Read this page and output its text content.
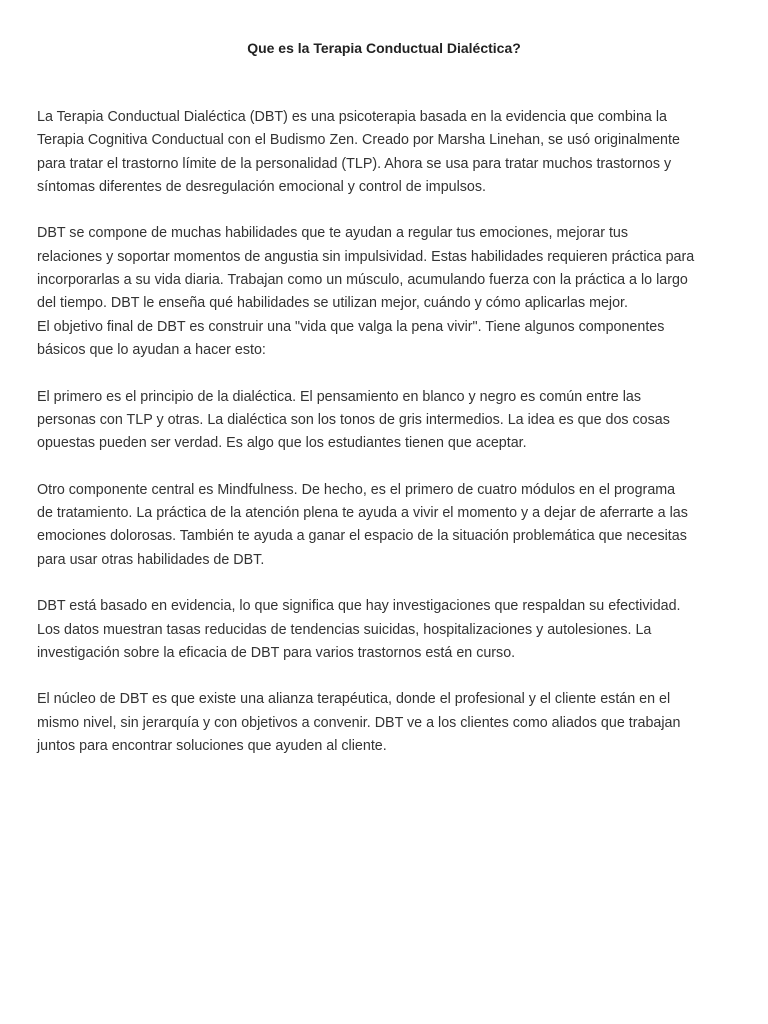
Que es la Terapia Conductual Dialéctica?

La Terapia Conductual Dialéctica (DBT) es una psicoterapia basada en la evidencia que combina la
Terapia Cognitiva Conductual con el Budismo Zen. Creado por Marsha Linehan, se usó originalmente
para tratar el trastorno límite de la personalidad (TLP). Ahora se usa para tratar muchos trastornos y
síntomas diferentes de desregulación emocional y control de impulsos.

DBT se compone de muchas habilidades que te ayudan a regular tus emociones, mejorar tus
relaciones y soportar momentos de angustia sin impulsividad. Estas habilidades requieren práctica para
incorporarlas a su vida diaria. Trabajan como un músculo, acumulando fuerza con la práctica a lo largo
del tiempo. DBT le enseña qué habilidades se utilizan mejor, cuándo y cómo aplicarlas mejor.

El objetivo final de DBT es construir una "vida que valga la pena vivir". Tiene algunos componentes
básicos que lo ayudan a hacer esto:

El primero es el principio de la dialéctica. El pensamiento en blanco y negro es común entre las
personas con TLP y otras. La dialéctica son los tonos de gris intermedios. La idea es que dos cosas
opuestas pueden ser verdad. Es algo que los estudiantes tienen que aceptar.

Otro componente central es Mindfulness. De hecho, es el primero de cuatro módulos en el programa
de tratamiento. La práctica de la atención plena te ayuda a vivir el momento y a dejar de aferrarte a las
emociones dolorosas. También te ayuda a ganar el espacio de la situación problemática que necesitas
para usar otras habilidades de DBT.

DBT está basado en evidencia, lo que significa que hay investigaciones que respaldan su efectividad.
Los datos muestran tasas reducidas de tendencias suicidas, hospitalizaciones y autolesiones. La
investigación sobre la eficacia de DBT para varios trastornos está en curso.

El núcleo de DBT es que existe una alianza terapéutica, donde el profesional y el cliente están en el
mismo nivel, sin jerarquía y con objetivos a convenir. DBT ve a los clientes como aliados que trabajan
juntos para encontrar soluciones que ayuden al cliente.
